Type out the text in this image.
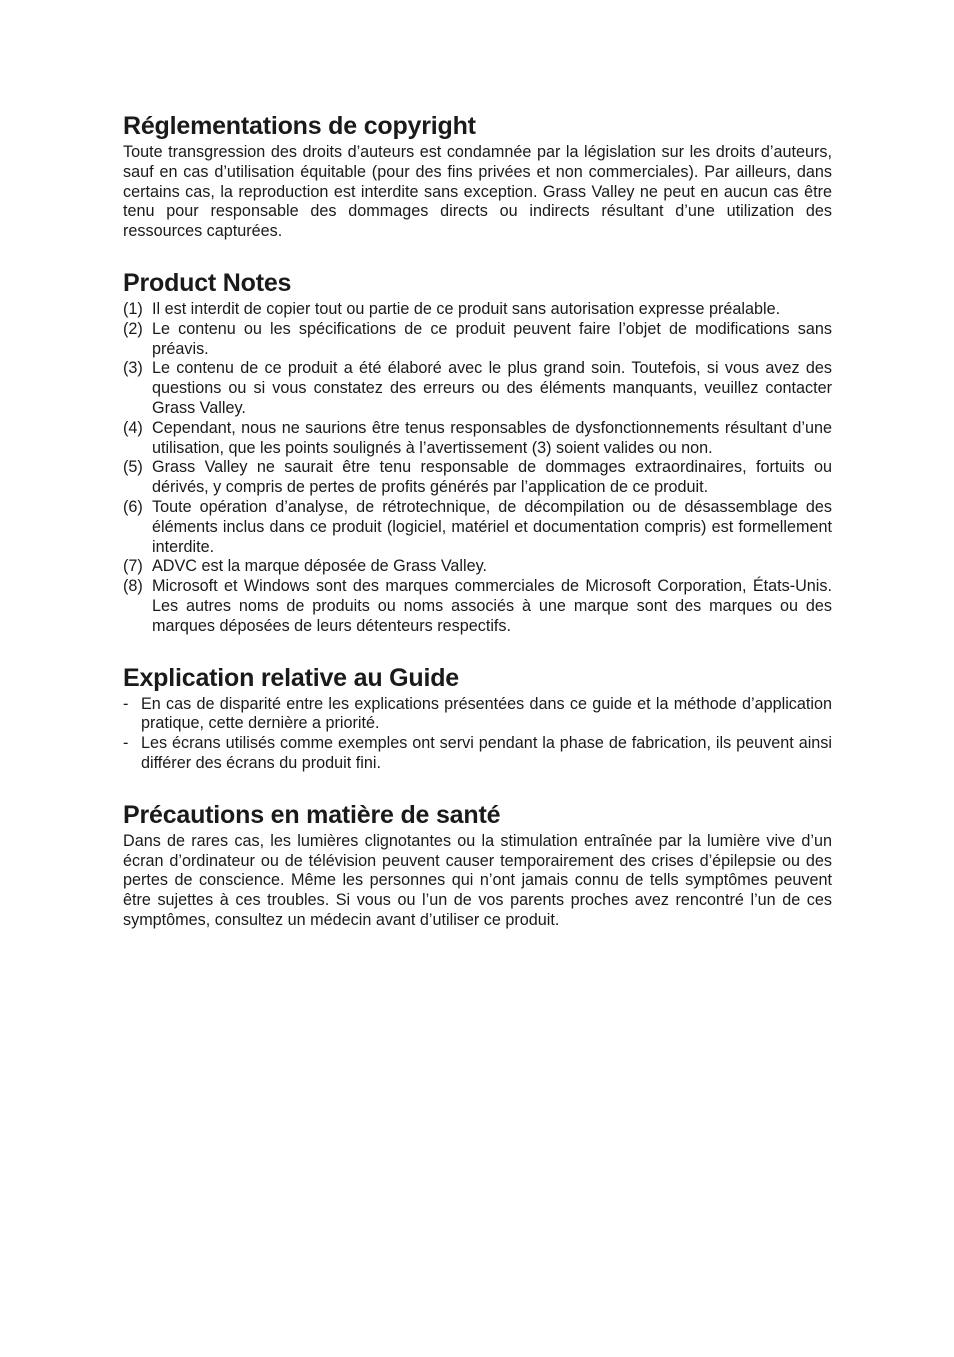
Réglementations de copyright

Toute transgression des droits d’auteurs est condamnée par la législation sur les droits d’auteurs, sauf en cas d’utilisation équitable (pour des fins privées et non commerciales). Par ailleurs, dans certains cas, la reproduction est interdite sans exception. Grass Valley ne peut en aucun cas être tenu pour responsable des dommages directs ou indirects résultant d’une utilization des ressources capturées.

Product Notes
(1) Il est interdit de copier tout ou partie de ce produit sans autorisation expresse préalable.
(2) Le contenu ou les spécifications de ce produit peuvent faire l’objet de modifications sans préavis.
(3) Le contenu de ce produit a été élaboré avec le plus grand soin. Toutefois, si vous avez des questions ou si vous constatez des erreurs ou des éléments manquants, veuillez contacter Grass Valley.
(4) Cependant, nous ne saurions être tenus responsables de dysfonctionnements résultant d’une utilisation, que les points soulignés à l’avertissement (3) soient valides ou non.
(5) Grass Valley ne saurait être tenu responsable de dommages extraordinaires, fortuits ou dérivés, y compris de pertes de profits générés par l’application de ce produit.
(6) Toute opération d’analyse, de rétrotechnique, de décompilation ou de désassemblage des éléments inclus dans ce produit (logiciel, matériel et documentation compris) est formellement interdite.
(7) ADVC est la marque déposée de Grass Valley.
(8) Microsoft et Windows sont des marques commerciales de Microsoft Corporation, États-Unis. Les autres noms de produits ou noms associés à une marque sont des marques ou des marques déposées de leurs détenteurs respectifs.
Explication relative au Guide
- En cas de disparité entre les explications présentées dans ce guide et la méthode d’application pratique, cette dernière a priorité.
- Les écrans utilisés comme exemples ont servi pendant la phase de fabrication, ils peuvent ainsi différer des écrans du produit fini.
Précautions en matière de santé

Dans de rares cas, les lumières clignotantes ou la stimulation entraînée par la lumière vive d’un écran d’ordinateur ou de télévision peuvent causer temporairement des crises d’épilepsie ou des pertes de conscience. Même les personnes qui n’ont jamais connu de tells symptômes peuvent être sujettes à ces troubles. Si vous ou l’un de vos parents proches avez rencontré l’un de ces symptômes, consultez un médecin avant d’utiliser ce produit.
